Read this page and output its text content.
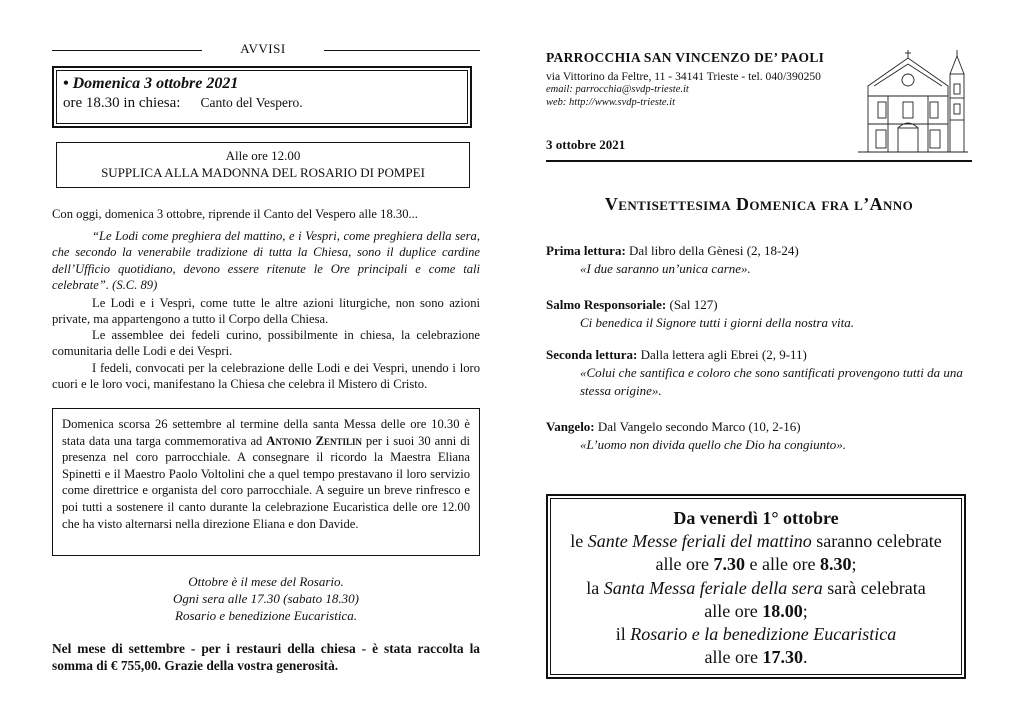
AVVISI
• Domenica 3 ottobre 2021
ore 18.30 in chiesa: Canto del Vespero.
Alle ore 12.00
SUPPLICA ALLA MADONNA DEL ROSARIO DI POMPEI
Con oggi, domenica 3 ottobre, riprende il Canto del Vespero alle 18.30...
“Le Lodi come preghiera del mattino, e i Vespri, come preghiera della sera, che secondo la venerabile tradizione di tutta la Chiesa, sono il duplice cardine dell’Ufficio quotidiano, devono essere ritenute le Ore principali e come tali celebrate”. (S.C. 89)
Le Lodi e i Vespri, come tutte le altre azioni liturgiche, non sono azioni private, ma appartengono a tutto il Corpo della Chiesa.
Le assemblee dei fedeli curino, possibilmente in chiesa, la celebrazione comunitaria delle Lodi e dei Vespri.
I fedeli, convocati per la celebrazione delle Lodi e dei Vespri, unendo i loro cuori e le loro voci, manifestano la Chiesa che celebra il Mistero di Cristo.
Domenica scorsa 26 settembre al termine della santa Messa delle ore 10.30 è stata data una targa commemorativa ad Antonio Zentilin per i suoi 30 anni di presenza nel coro parrocchiale. A consegnare il ricordo la Maestra Eliana Spinetti e il Maestro Paolo Voltolini che a quel tempo prestavano il loro servizio come direttrice e organista del coro parrocchiale. A seguire un breve rinfresco e poi tutti a sostenere il canto durante la celebrazione Eucaristica delle ore 12.00 che ha visto alternarsi nella direzione Eliana e don Davide.
Ottobre è il mese del Rosario.
Ogni sera alle 17.30 (sabato 18.30)
Rosario e benedizione Eucaristica.
Nel mese di settembre - per i restauri della chiesa - è stata raccolta la somma di € 755,00. Grazie della vostra generosità.
PARROCCHIA SAN VINCENZO DE’ PAOLI
via Vittorino da Feltre, 11 - 34141 Trieste - tel. 040/390250
email: parrocchia@svdp-trieste.it
web: http://www.svdp-trieste.it
3 ottobre 2021
Ventisettesima Domenica fra l’Anno
Prima lettura: Dal libro della Gènesi (2, 18-24)
«I due saranno un’unica carne».
Salmo Responsoriale: (Sal 127)
Ci benedica il Signore tutti i giorni della nostra vita.
Seconda lettura: Dalla lettera agli Ebrei (2, 9-11)
«Colui che santifica e coloro che sono santificati provengono tutti da una stessa origine».
Vangelo: Dal Vangelo secondo Marco (10, 2-16)
«L’uomo non divida quello che Dio ha congiunto».
Da venerdì 1° ottobre
le Sante Messe feriali del mattino saranno celebrate
alle ore 7.30 e alle ore 8.30;
la Santa Messa feriale della sera sarà celebrata
alle ore 18.00;
il Rosario e la benedizione Eucaristica
alle ore 17.30.
